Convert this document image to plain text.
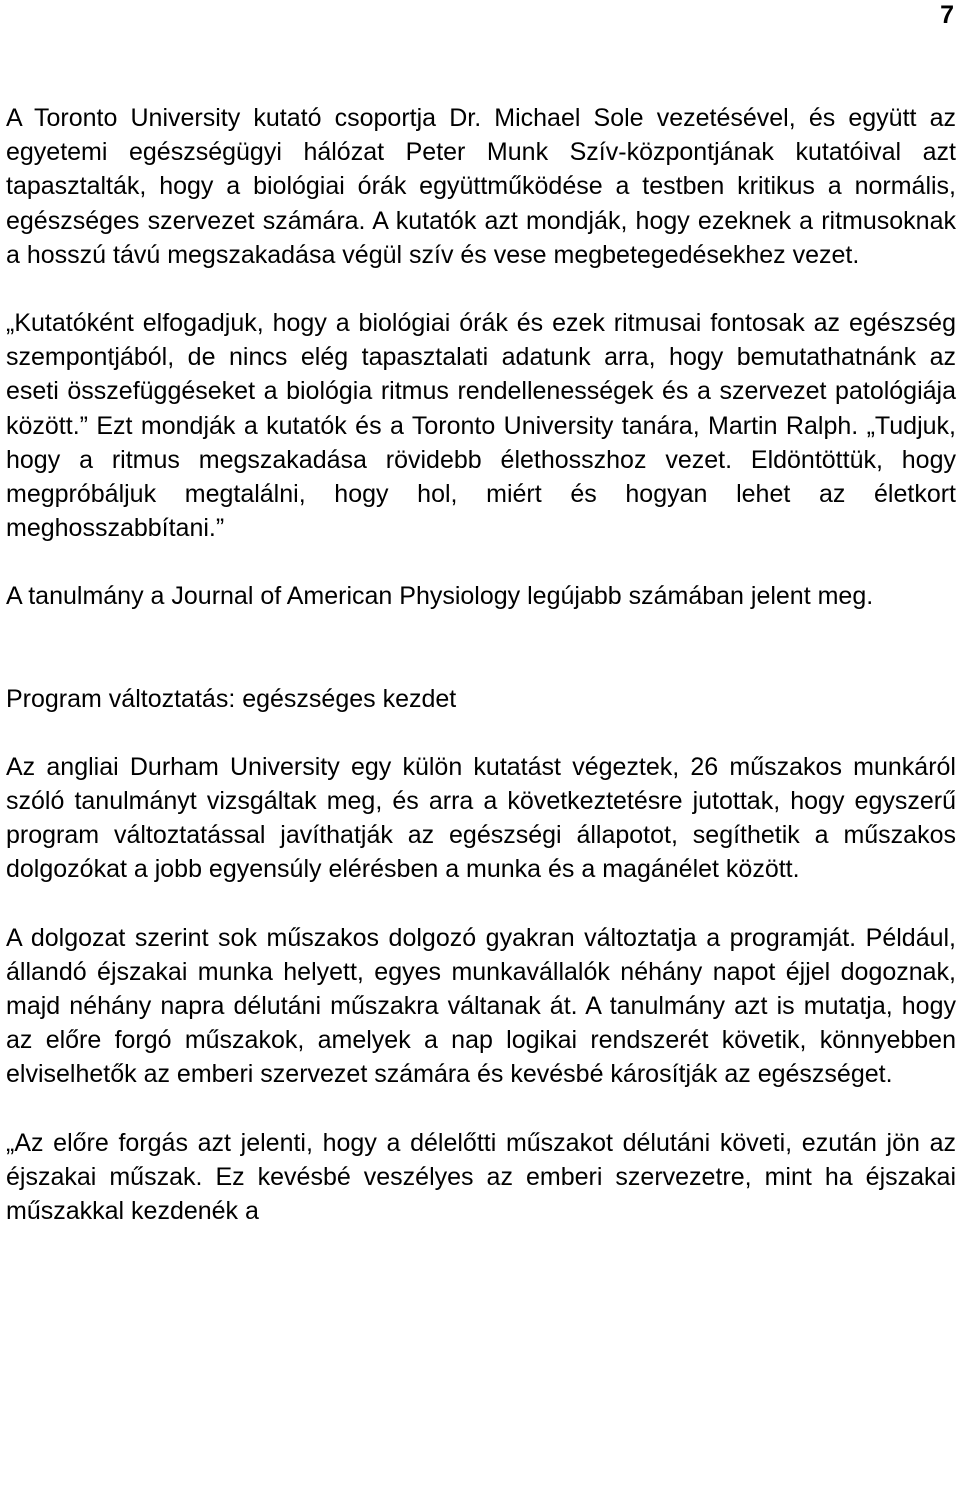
7

A Toronto University kutató csoportja Dr. Michael Sole vezetésével, és együtt az egyetemi egészségügyi hálózat Peter Munk Szív-központjának kutatóival azt tapasztalták, hogy a biológiai órák együttműködése a testben kritikus a normális, egészséges szervezet számára. A kutatók azt mondják, hogy ezeknek a ritmusoknak a hosszú távú megszakadása végül szív és vese megbetegedésekhez vezet.

„Kutatóként elfogadjuk, hogy a biológiai órák és ezek ritmusai fontosak az egészség szempontjából, de nincs elég tapasztalati adatunk arra, hogy bemutathatnánk az eseti összefüggéseket a biológia ritmus rendellenességek és a szervezet patológiája között.” Ezt mondják a kutatók és a Toronto University tanára, Martin Ralph. „Tudjuk, hogy a ritmus megszakadása rövidebb élethosszhoz vezet. Eldöntöttük, hogy megpróbáljuk megtalálni, hogy hol, miért és hogyan lehet az életkort meghosszabbítani.”

A tanulmány a Journal of American Physiology legújabb számában jelent meg.

Program változtatás: egészséges kezdet

Az angliai Durham University egy külön kutatást végeztek, 26 műszakos munkáról szóló tanulmányt vizsgáltak meg, és arra a következtetésre jutottak, hogy egyszerű program változtatással javíthatják az egészségi állapotot, segíthetik a műszakos dolgozókat a jobb egyensúly elérésben a munka és a magánélet között.

A dolgozat szerint sok műszakos dolgozó gyakran változtatja a programját. Például, állandó éjszakai munka helyett, egyes munkavállalók néhány napot éjjel dogoznak, majd néhány napra délutáni műszakra váltanak át. A tanulmány azt is mutatja, hogy az előre forgó műszakok, amelyek a nap logikai rendszerét követik, könnyebben elviselhetők az emberi szervezet számára és kevésbé károsítják az egészséget.

„Az előre forgás azt jelenti, hogy a délelőtti műszakot délutáni követi, ezután jön az éjszakai műszak. Ez kevésbé veszélyes az emberi szervezetre, mint ha éjszakai műszakkal kezdenék a
